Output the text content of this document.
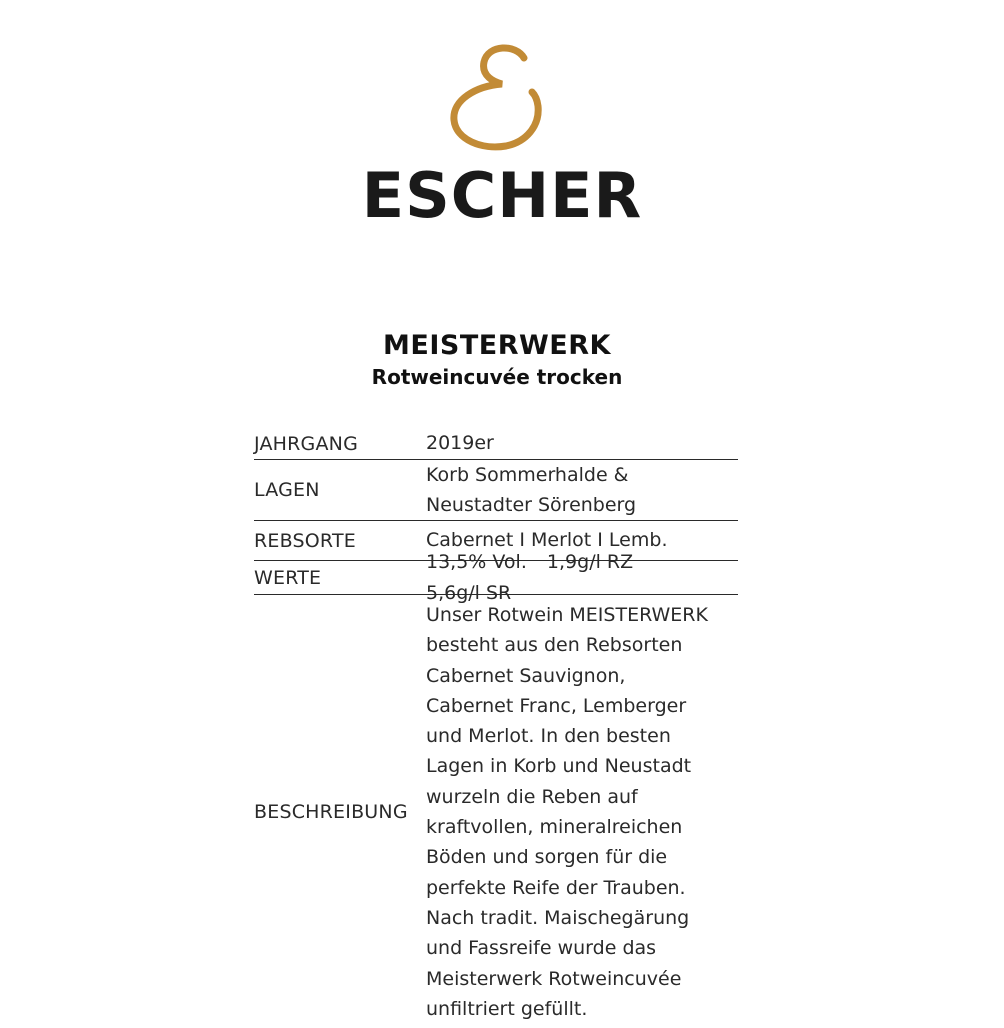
ESCHER
MEISTERWERK
Rotweincuvée trocken
JAHRGANG	2019er
LAGEN
Korb Sommerhalde &
Neustadter Sörenberg
REBSORTE	Cabernet I Merlot I Lemb.
WERTE
13,5% Vol. 1,9g/l RZ 5,6g/l SR
BESCHREIBUNG
Unser Rotwein MEISTERWERK
besteht aus den Rebsorten
Cabernet Sauvignon,
Cabernet Franc, Lemberger
und Merlot. In den besten
Lagen in Korb und Neustadt
wurzeln die Reben auf
kraftvollen, mineralreichen
Böden und sorgen für die
perfekte Reife der Trauben.
Nach tradit. Maischegärung
und Fassreife wurde das
Meisterwerk Rotweincuvée
unfiltriert gefüllt.
